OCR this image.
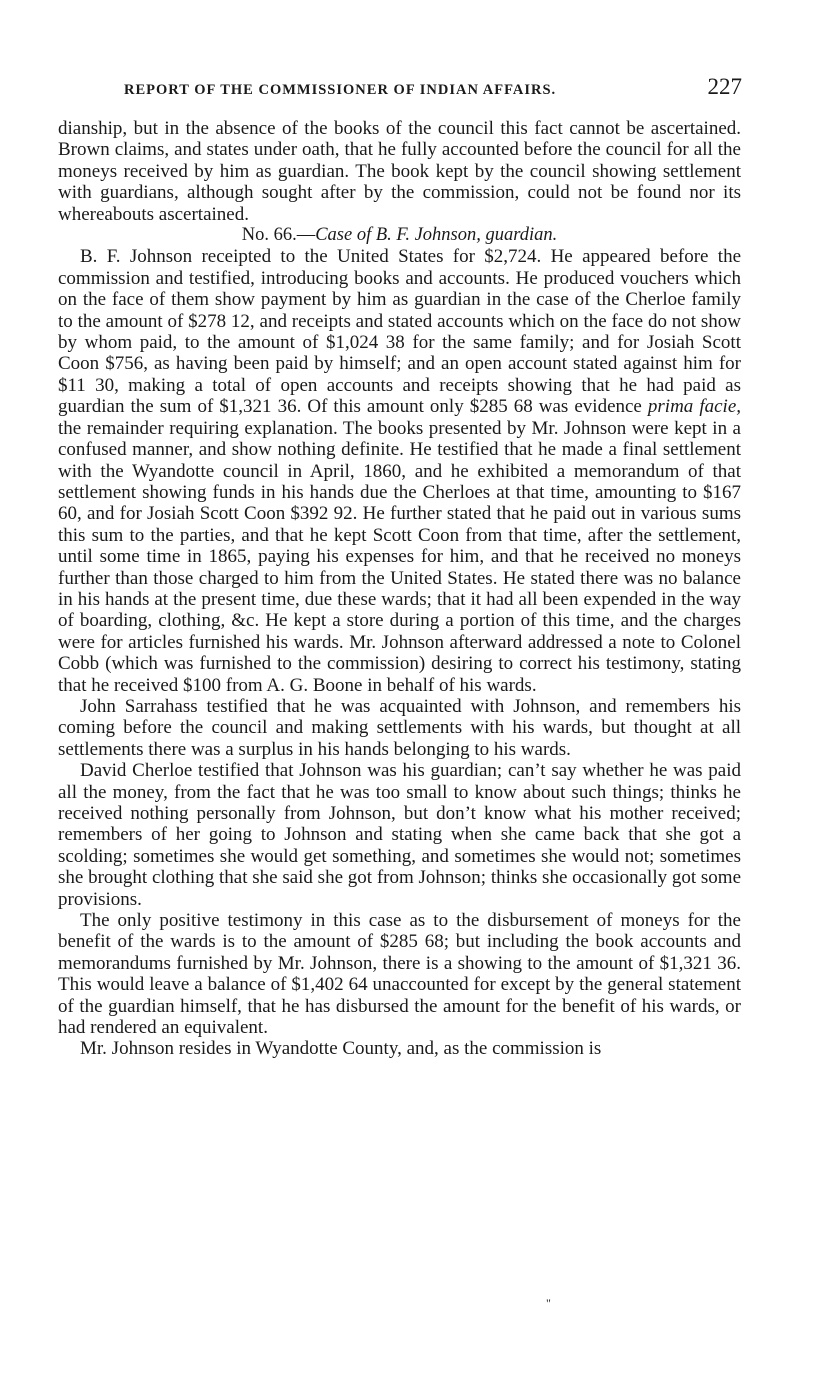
REPORT OF THE COMMISSIONER OF INDIAN AFFAIRS.	227

dianship, but in the absence of the books of the council this fact cannot be ascertained. Brown claims, and states under oath, that he fully accounted before the council for all the moneys received by him as guardian. The book kept by the council showing settlement with guardians, although sought after by the commission, could not be found nor its whereabouts ascertained.

No. 66.—Case of B. F. Johnson, guardian.

B. F. Johnson receipted to the United States for $2,724. He appeared before the commission and testified, introducing books and accounts. He produced vouchers which on the face of them show payment by him as guardian in the case of the Cherloe family to the amount of $278 12, and receipts and stated accounts which on the face do not show by whom paid, to the amount of $1,024 38 for the same family; and for Josiah Scott Coon $756, as having been paid by himself; and an open account stated against him for $11 30, making a total of open accounts and receipts showing that he had paid as guardian the sum of $1,321 36. Of this amount only $285 68 was evidence prima facie, the remainder requiring explanation. The books presented by Mr. Johnson were kept in a confused manner, and show nothing definite. He testified that he made a final settlement with the Wyandotte council in April, 1860, and he exhibited a memorandum of that settlement showing funds in his hands due the Cherloes at that time, amounting to $167 60, and for Josiah Scott Coon $392 92. He further stated that he paid out in various sums this sum to the parties, and that he kept Scott Coon from that time, after the settlement, until some time in 1865, paying his expenses for him, and that he received no moneys further than those charged to him from the United States. He stated there was no balance in his hands at the present time, due these wards; that it had all been expended in the way of boarding, clothing, &c. He kept a store during a portion of this time, and the charges were for articles furnished his wards. Mr. Johnson afterward addressed a note to Colonel Cobb (which was furnished to the commission) desiring to correct his testimony, stating that he received $100 from A. G. Boone in behalf of his wards.

John Sarrahass testified that he was acquainted with Johnson, and remembers his coming before the council and making settlements with his wards, but thought at all settlements there was a surplus in his hands belonging to his wards.

David Cherloe testified that Johnson was his guardian; can’t say whether he was paid all the money, from the fact that he was too small to know about such things; thinks he received nothing personally from Johnson, but don’t know what his mother received; remembers of her going to Johnson and stating when she came back that she got a scolding; sometimes she would get something, and sometimes she would not; sometimes she brought clothing that she said she got from Johnson; thinks she occasionally got some provisions.

The only positive testimony in this case as to the disbursement of moneys for the benefit of the wards is to the amount of $285 68; but including the book accounts and memorandums furnished by Mr. Johnson, there is a showing to the amount of $1,321 36. This would leave a balance of $1,402 64 unaccounted for except by the general statement of the guardian himself, that he has disbursed the amount for the benefit of his wards, or had rendered an equivalent.

Mr. Johnson resides in Wyandotte County, and, as the commission is

"
